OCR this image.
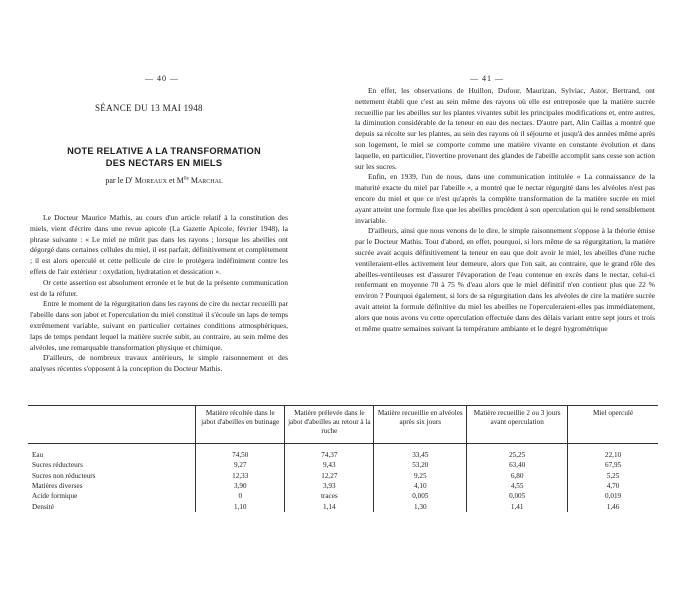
— 40 —
SÉANCE DU 13 MAI 1948
NOTE RELATIVE A LA TRANSFORMATION
DES NECTARS EN MIELS
par le $D^r$ Moreaux et $M^{lle}$ Marchal

Le Docteur Maurice Mathis, au cours d'un article relatif à la constitution des miels, vient d'écrire dans une revue apicole (La Gazette Apicole, février 1948), la phrase suivante : « Le miel ne mûrit pas dans les rayons ; lorsque les abeilles ont dégorgé dans certaines cellules du miel, il est parfait, définitivement et complètement ; il est alors operculé et cette pellicule de cire le protégera indéfiniment contre les effets de l'air extérieur : oxydation, hydratation et dessication ».

Or cette assertion est absolument erronée et le but de la présente communication est de la réfuter.

Entre le moment de la régurgitation dans les rayons de cire du nectar recueilli par l'abeille dans son jabot et l'operculation du miel constitué il s'écoule un laps de temps extrêmement variable, suivant en particulier certaines conditions atmosphériques, laps de temps pendant lequel la matière sucrée subit, au contraire, au sein même des alvéoles, une remarquable transformation physique et chimique.

D'ailleurs, de nombreux travaux antérieurs, le simple raisonnement et des analyses récentes s'opposent à la conception du Docteur Mathis.

— 41 —

En effet, les observations de Huillon, Dufour, Maurizan, Sylviac, Astor, Bertrand, ont nettement établi que c'est au sein même des rayons où elle est entreposée que la matière sucrée recueillie par les abeilles sur les plantes vivantes subit les principales modifications et, entre autres, la diminution considérable de la teneur en eau des nectars. D'autre part, Alin Caillas a montré que depuis sa récolte sur les plantes, au sein des rayons où il séjourne et jusqu'à des années même après son logement, le miel se comporte comme une matière vivante en constante évolution et dans laquelle, en particulier, l'invertine provenant des glandes de l'abeille accomplit sans cesse son action sur les sucres.

Enfin, en 1939, l'un de nous, dans une communication intitulée « La connaissance de la maturité exacte du miel par l'abeille », a montré que le nectar régurgité dans les alvéoles n'est pas encore du miel et que ce n'est qu'après la complète transformation de la matière sucrée en miel ayant atteint une formule fixe que les abeilles procèdent à son operculation qui le rend sensiblement invariable.

D'ailleurs, ainsi que nous venons de le dire, le simple raisonnement s'oppose à la théorie émise par le Docteur Mathis. Tout d'abord, en effet, pourquoi, si lors même de sa régurgitation, la matière sucrée avait acquis définitivement la teneur en eau que doit avoir le miel, les abeilles d'une ruche ventileraient-elles activement leur demeure, alors que l'on sait, au contraire, que le grand rôle des abeilles-ventileuses est d'assurer l'évaporation de l'eau contenue en excès dans le nectar, celui-ci renfermant en moyenne 70 à 75 % d'eau alors que le miel définitif n'en contient plus que 22 % environ ? Pourquoi également, si lors de sa régurgitation dans les alvéoles de cire la matière sucrée avait atteint la formule définitive du miel les abeilles ne l'operculeraient-elles pas immédiatement, alors que nous avons vu cette operculation effectuée dans des délais variant entre sept jours et trois et même quatre semaines suivant la température ambiante et le degré hygrométrique

	Matière récoltée dans le jabot d'abeilles en butinage	Matière prélevée dans le jabot d'abeilles au retour à la ruche	Matière recueillie en alvéoles après six jours	Matière recueillie 2 ou 3 jours avant operculation	Miel operculé
Eau	74,50	74,37	33,45	25,25	22,10
Sucres réducteurs	9,27	9,43	53,20	63,40	67,95
Sucres non réducteurs	12,33	12,27	9,25	6,80	5,25
Matières diverses	3,90	3,93	4,10	4,55	4,70
Acide formique	0	traces	0,005	0,005	0,019
Densité	1,10	1,14	1,30	1,41	1,46
